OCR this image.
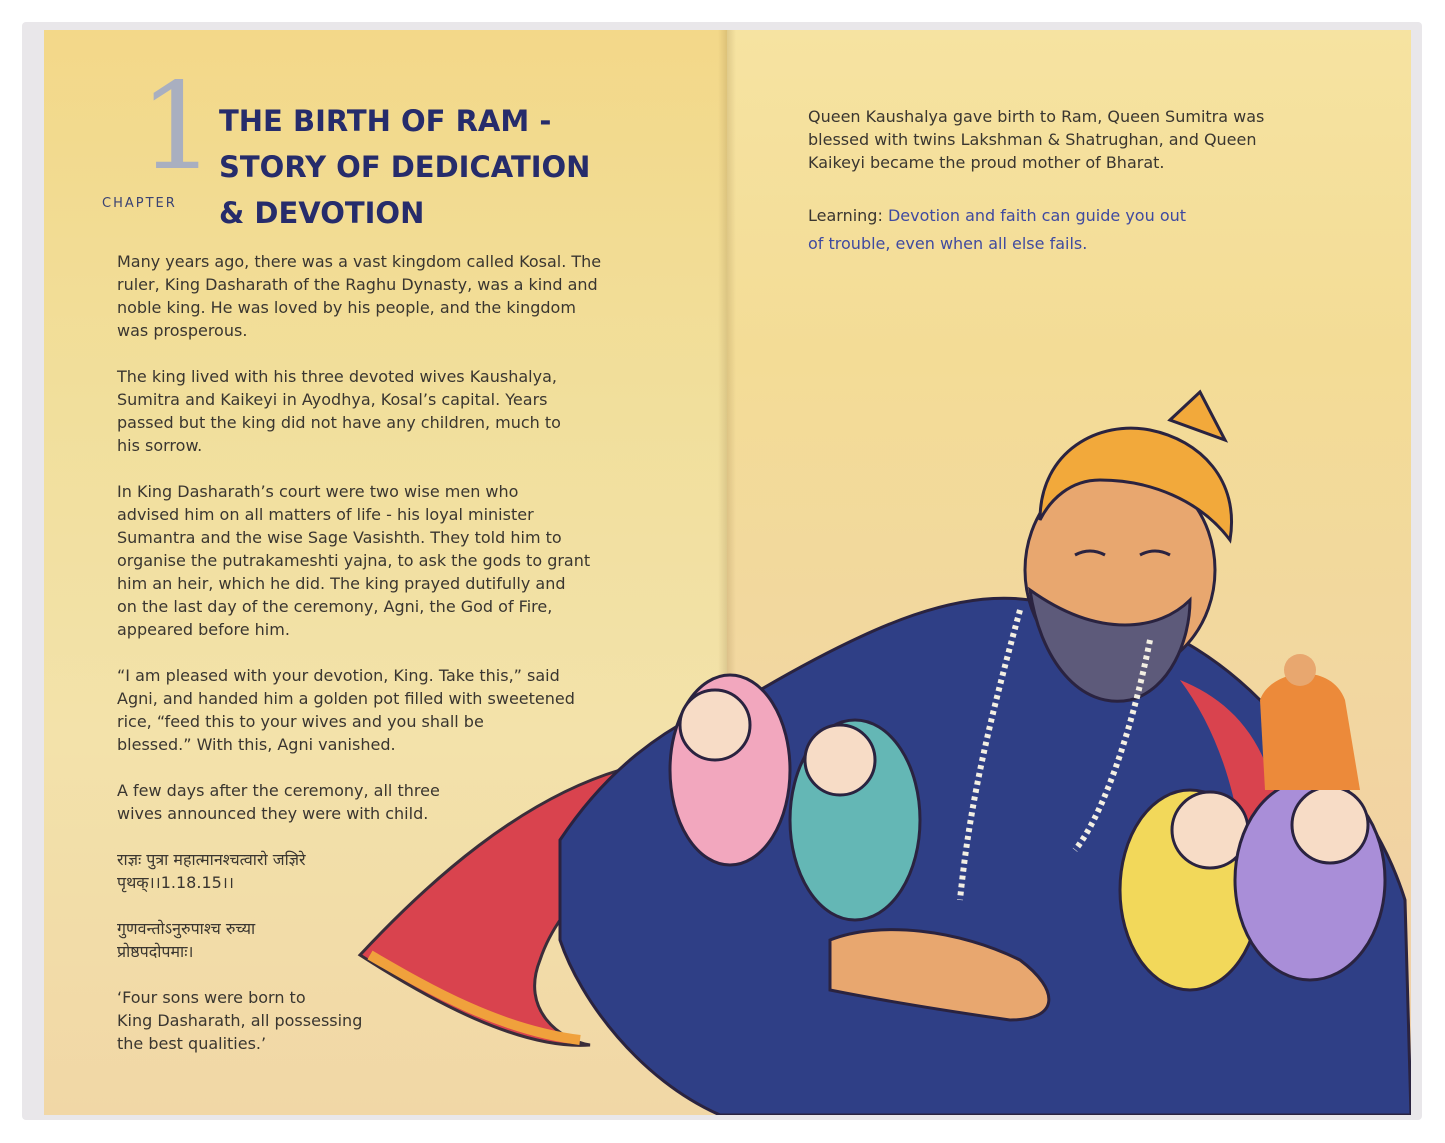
1
CHAPTER
THE BIRTH OF RAM -
STORY OF DEDICATION
& DEVOTION
Many years ago, there was a vast kingdom called Kosal. The
ruler, King Dasharath of the Raghu Dynasty, was a kind and
noble king. He was loved by his people, and the kingdom
was prosperous.
The king lived with his three devoted wives Kaushalya,
Sumitra and Kaikeyi in Ayodhya, Kosal’s capital. Years
passed but the king did not have any children, much to
his sorrow.
In King Dasharath’s court were two wise men who
advised him on all matters of life - his loyal minister
Sumantra and the wise Sage Vasishth. They told him to
organise the putrakameshti yajna, to ask the gods to grant
him an heir, which he did. The king prayed dutifully and
on the last day of the ceremony, Agni, the God of Fire,
appeared before him.
“I am pleased with your devotion, King. Take this,” said
Agni, and handed him a golden pot filled with sweetened
rice, “feed this to your wives and you shall be
blessed.” With this, Agni vanished.
A few days after the ceremony, all three
wives announced they were with child.
राज्ञः पुत्रा महात्मानश्चत्वारो जज्ञिरे
पृथक्।।1.18.15।।
गुणवन्तोऽनुरुपाश्च रुच्या
प्रोष्ठपदोपमाः।
‘Four sons were born to
King Dasharath, all possessing
the best qualities.’
Queen Kaushalya gave birth to Ram, Queen Sumitra was
blessed with twins Lakshman & Shatrughan, and Queen
Kaikeyi became the proud mother of Bharat.
Learning: Devotion and faith can guide you out
of trouble, even when all else fails.
